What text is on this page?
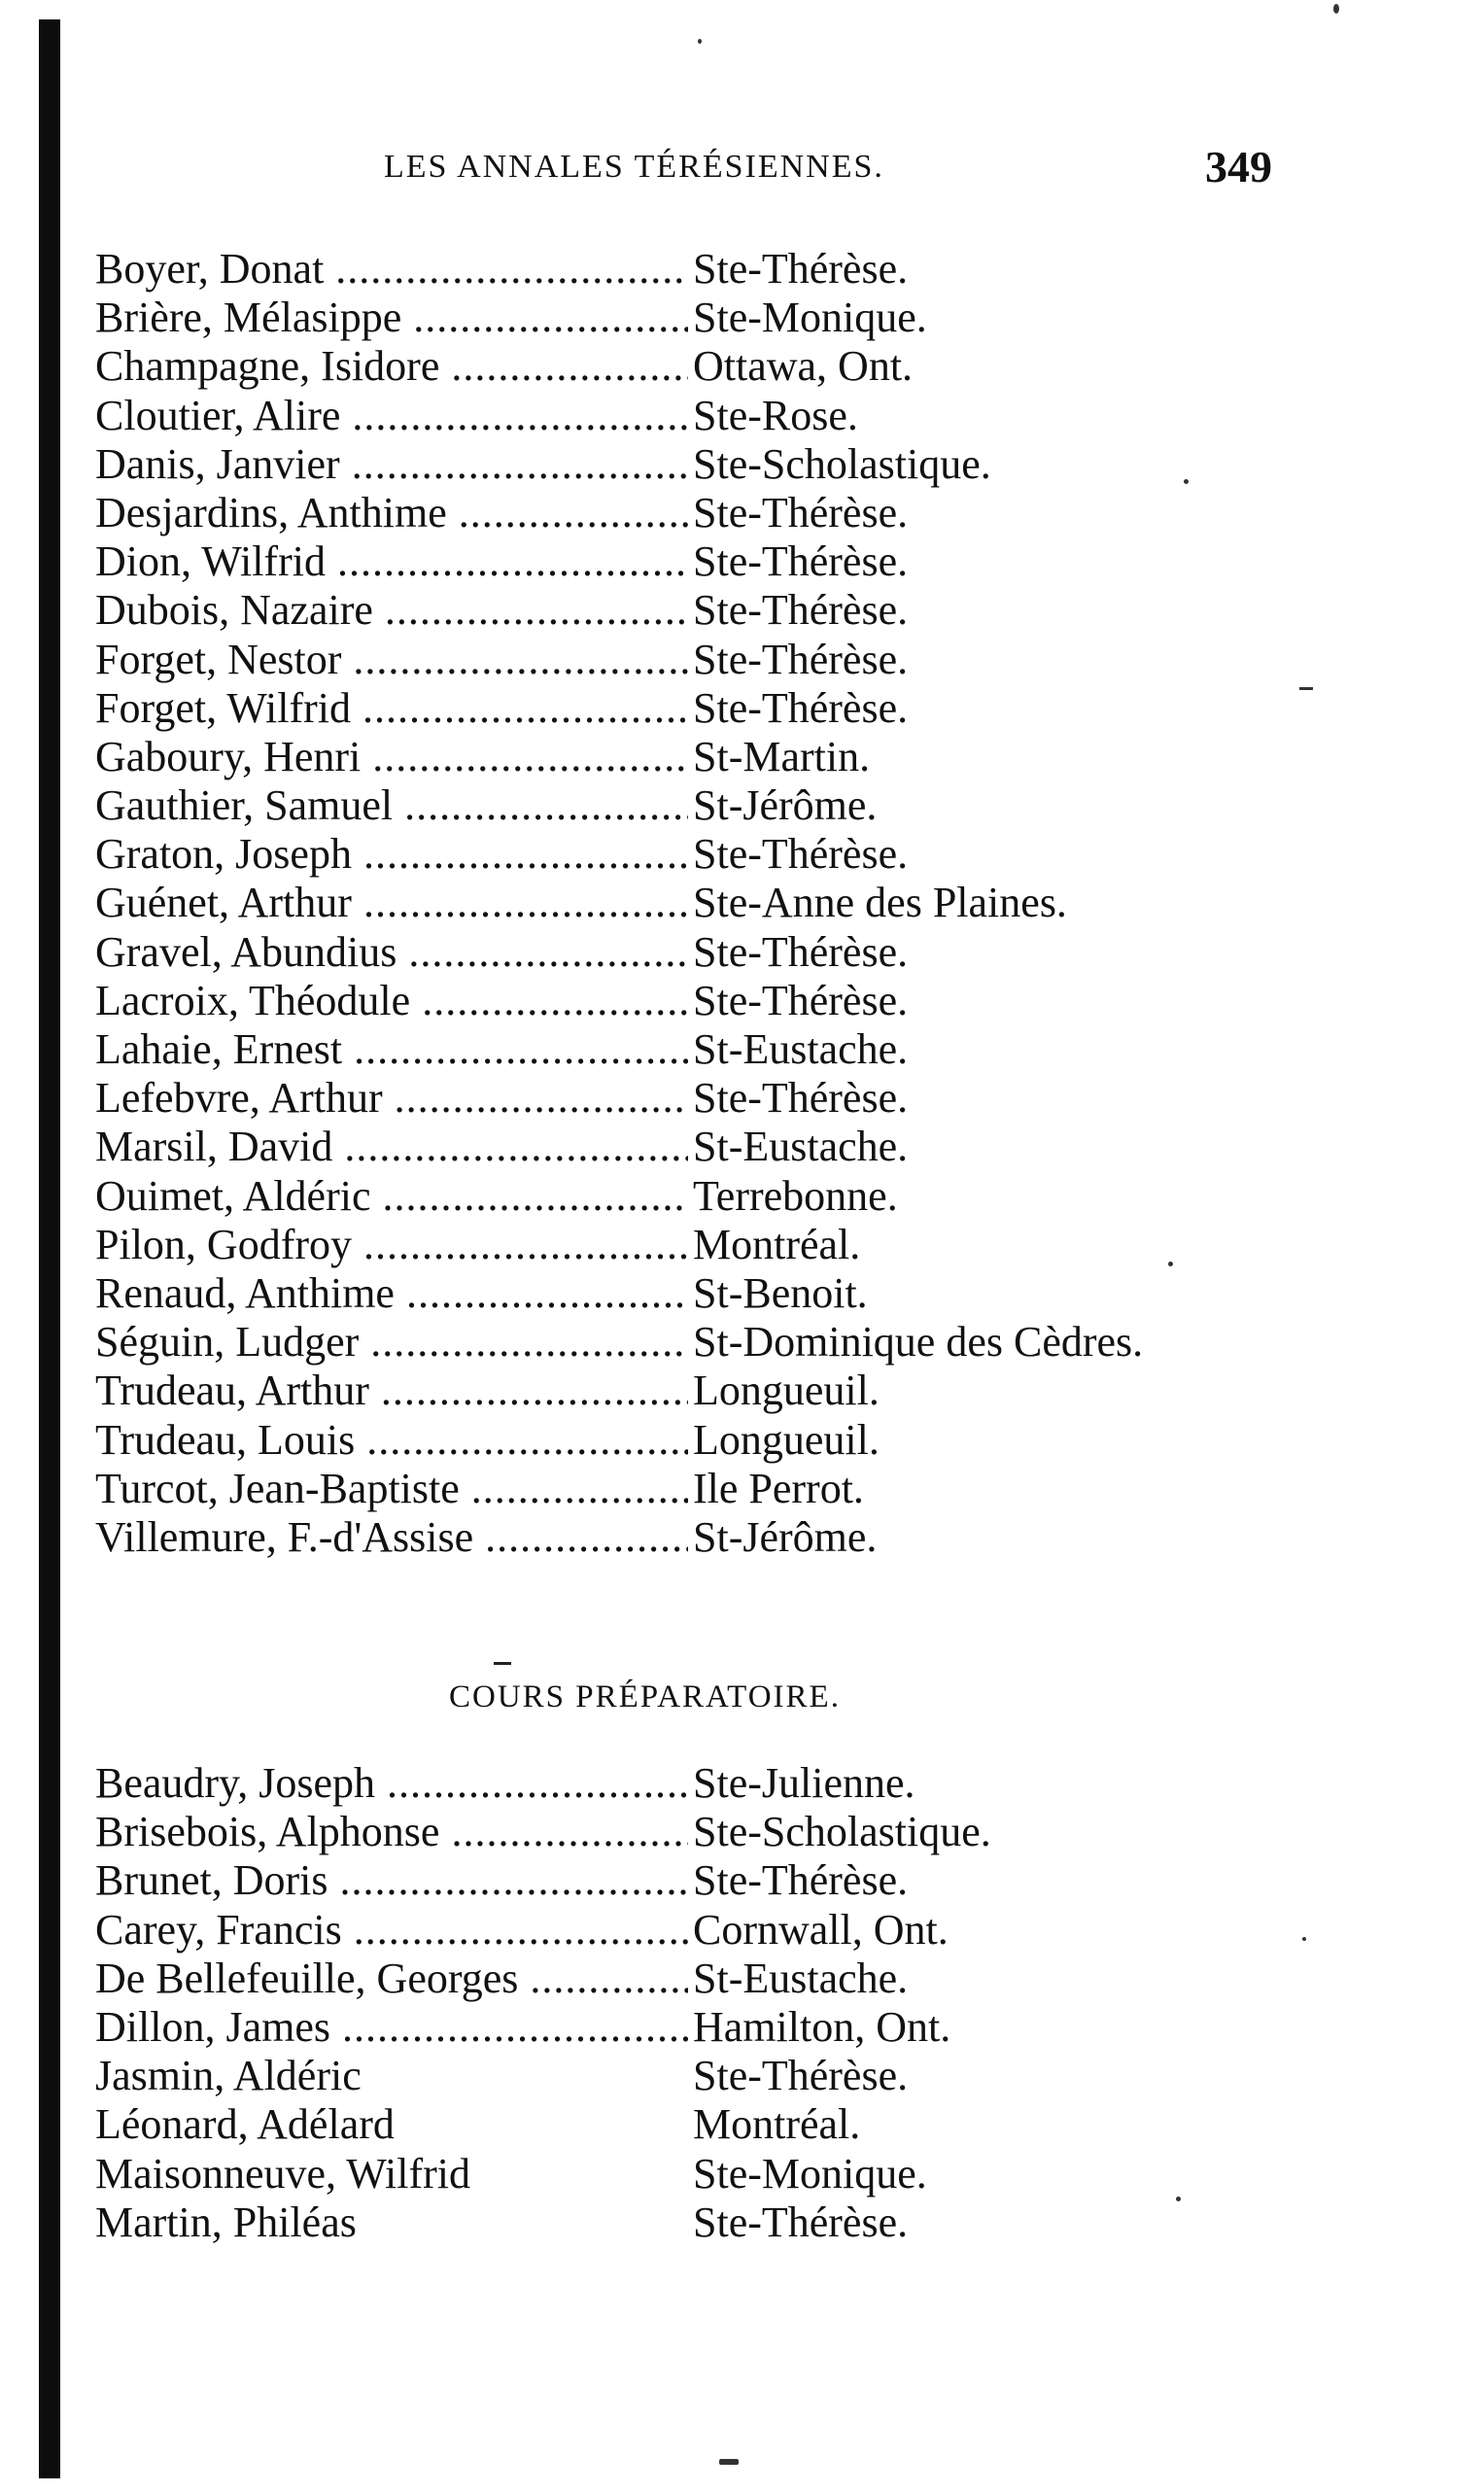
LES ANNALES TÉRÉSIENNES.	349
Boyer, Donat .....	Ste-Thérèse.
Brière, Mélasippe .....	Ste-Monique.
Champagne, Isidore .....	Ottawa, Ont.
Cloutier, Alire .....	Ste-Rose.
Danis, Janvier .....	Ste-Scholastique.
Desjardins, Anthime .....	Ste-Thérèse.
Dion, Wilfrid .....	Ste-Thérèse.
Dubois, Nazaire .....	Ste-Thérèse.
Forget, Nestor .....	Ste-Thérèse.
Forget, Wilfrid .....	Ste-Thérèse.
Gaboury, Henri .....	St-Martin.
Gauthier, Samuel .....	St-Jérôme.
Graton, Joseph .....	Ste-Thérèse.
Guénet, Arthur .....	Ste-Anne des Plaines.
Gravel, Abundius .....	Ste-Thérèse.
Lacroix, Théodule .....	Ste-Thérèse.
Lahaie, Ernest .....	St-Eustache.
Lefebvre, Arthur .....	Ste-Thérèse.
Marsil, David .....	St-Eustache.
Ouimet, Aldéric .....	Terrebonne.
Pilon, Godfroy .....	Montréal.
Renaud, Anthime .....	St-Benoit.
Séguin, Ludger .....	St-Dominique des Cèdres.
Trudeau, Arthur .....	Longueuil.
Trudeau, Louis .....	Longueuil.
Turcot, Jean-Baptiste .....	Ile Perrot.
Villemure, F.-d'Assise .....	St-Jérôme.
COURS PRÉPARATOIRE.
Beaudry, Joseph .....	Ste-Julienne.
Brisebois, Alphonse .....	Ste-Scholastique.
Brunet, Doris .....	Ste-Thérèse.
Carey, Francis .....	Cornwall, Ont.
De Bellefeuille, Georges .....	St-Eustache.
Dillon, James .....	Hamilton, Ont.
Jasmin, Aldéric	Ste-Thérèse.
Léonard, Adélard	Montréal.
Maisonneuve, Wilfrid	Ste-Monique.
Martin, Philéas	Ste-Thérèse.
